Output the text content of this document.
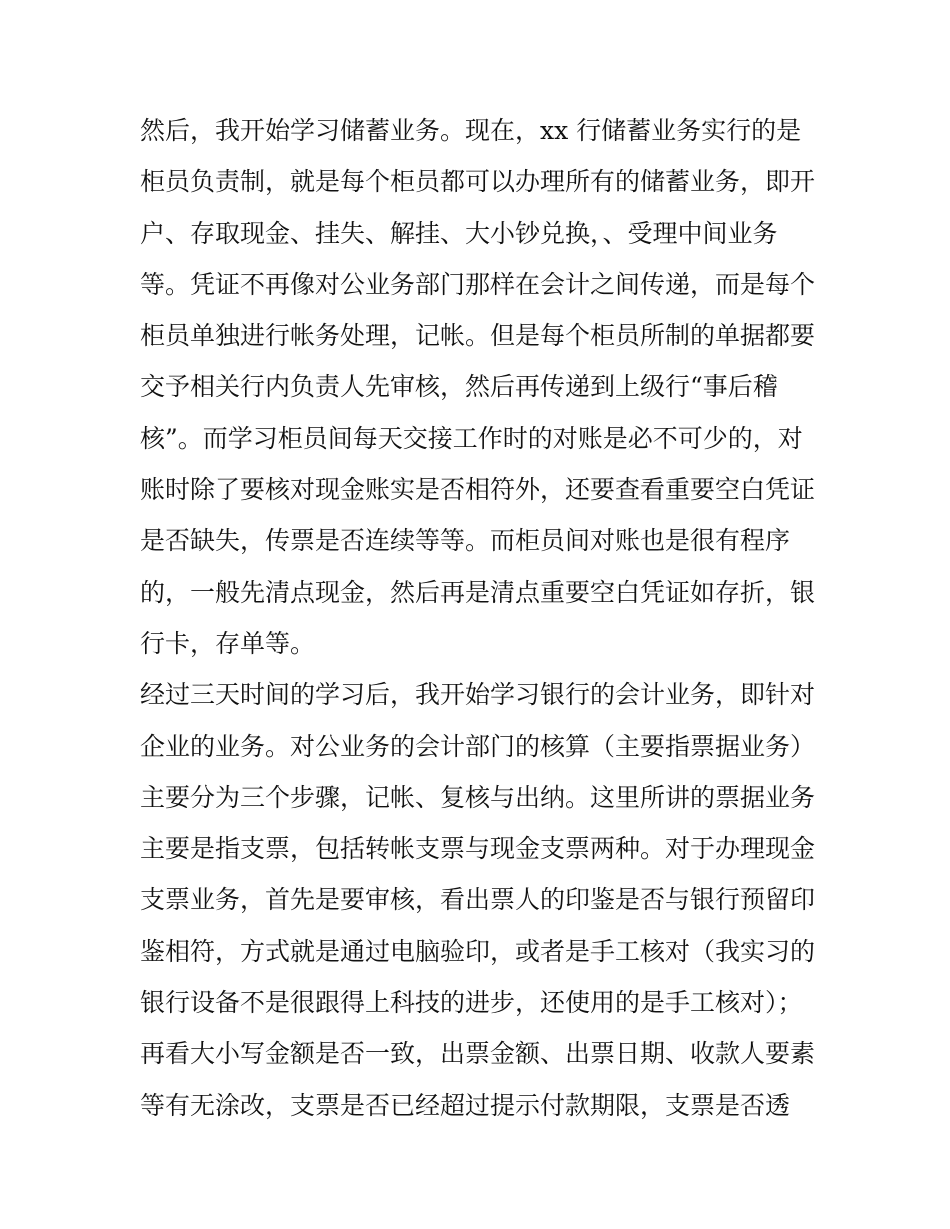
然后，我开始学习储蓄业务。现在，xx 行储蓄业务实行的是
柜员负责制，就是每个柜员都可以办理所有的储蓄业务，即开
户、存取现金、挂失、解挂、大小钞兑换，、受理中间业务
等。凭证不再像对公业务部门那样在会计之间传递，而是每个
柜员单独进行帐务处理，记帐。但是每个柜员所制的单据都要
交予相关行内负责人先审核，然后再传递到上级行“事后稽
核”。而学习柜员间每天交接工作时的对账是必不可少的，对
账时除了要核对现金账实是否相符外，还要查看重要空白凭证
是否缺失，传票是否连续等等。而柜员间对账也是很有程序
的，一般先清点现金，然后再是清点重要空白凭证如存折，银
行卡，存单等。
经过三天时间的学习后，我开始学习银行的会计业务，即针对
企业的业务。对公业务的会计部门的核算（主要指票据业务）
主要分为三个步骤，记帐、复核与出纳。这里所讲的票据业务
主要是指支票，包括转帐支票与现金支票两种。对于办理现金
支票业务，首先是要审核，看出票人的印鉴是否与银行预留印
鉴相符，方式就是通过电脑验印，或者是手工核对（我实习的
银行设备不是很跟得上科技的进步，还使用的是手工核对）；
再看大小写金额是否一致，出票金额、出票日期、收款人要素
等有无涂改，支票是否已经超过提示付款期限，支票是否透
